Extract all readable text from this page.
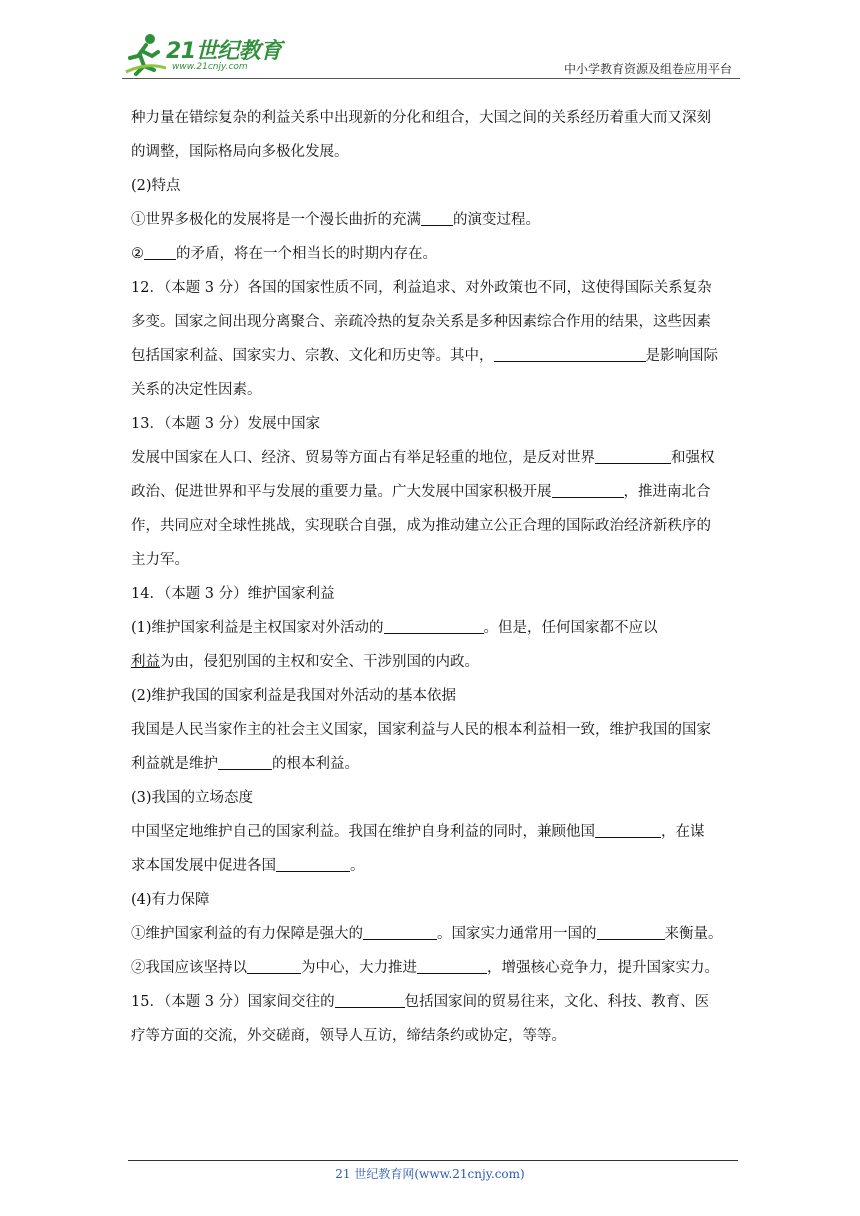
21世纪教育
www.21cnjy.com	中小学教育资源及组卷应用平台

种力量在错综复杂的利益关系中出现新的分化和组合，大国之间的关系经历着重大而又深刻

的调整，国际格局向多极化发展。

(2)特点

①世界多极化的发展将是一个漫长曲折的充满 的演变过程。

② 的矛盾，将在一个相当长的时期内存在。

12．（本题 3 分）各国的国家性质不同，利益追求、对外政策也不同，这使得国际关系复杂

多变。国家之间出现分离聚合、亲疏冷热的复杂关系是多种因素综合作用的结果，这些因素

包括国家利益、国家实力、宗教、文化和历史等。其中，	是影响国际

关系的决定性因素。

13．（本题 3 分）发展中国家

发展中国家在人口、经济、贸易等方面占有举足轻重的地位，是反对世界	和强权

政治、促进世界和平与发展的重要力量。广大发展中国家积极开展	，推进南北合

作，共同应对全球性挑战，实现联合自强，成为推动建立公正合理的国际政治经济新秩序的

主力军。

14．（本题 3 分）维护国家利益

(1)维护国家利益是主权国家对外活动的	。但是，任何国家都不应以

利益为由，侵犯别国的主权和安全、干涉别国的内政。

(2)维护我国的国家利益是我国对外活动的基本依据

我国是人民当家作主的社会主义国家，国家利益与人民的根本利益相一致，维护我国的国家

利益就是维护	的根本利益。

(3)我国的立场态度

中国坚定地维护自己的国家利益。我国在维护自身利益的同时，兼顾他国	，在谋

求本国发展中促进各国	。

(4)有力保障

①维护国家利益的有力保障是强大的	。国家实力通常用一国的	来衡量。

②我国应该坚持以	为中心，大力推进	，增强核心竞争力，提升国家实力。

15．（本题 3 分）国家间交往的	包括国家间的贸易往来，文化、科技、教育、医

疗等方面的交流，外交磋商，领导人互访，缔结条约或协定，等等。

21 世纪教育网(www.21cnjy.com)
